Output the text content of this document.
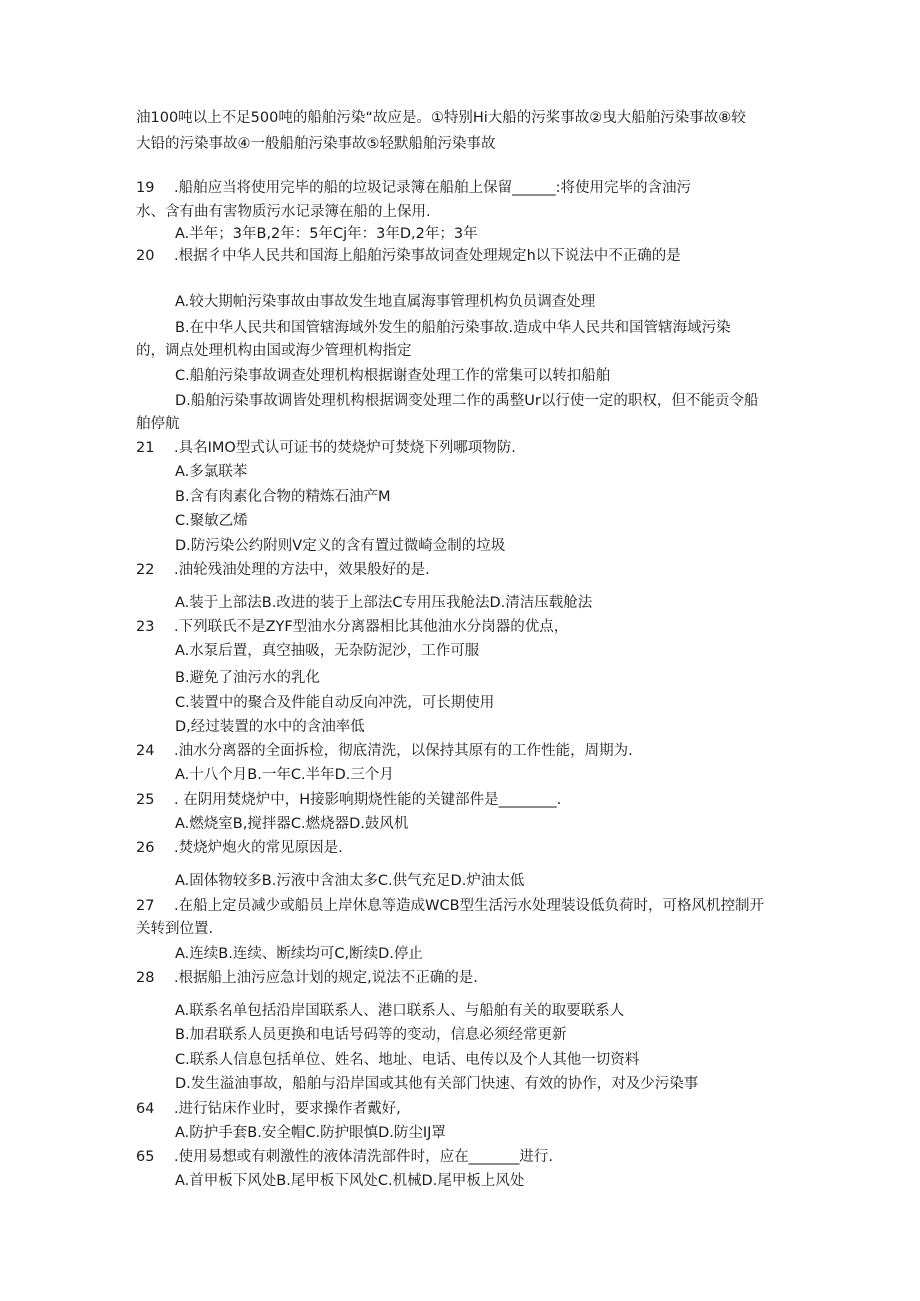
油100吨以上不足500吨的船舶污染“故应是。①特别Hi大船的污桨事故②曳大船舶污染事故⑧较
大铅的污染事故④一般船舶污染事故⑤轻默船舶污染事故
19 .船舶应当将使用完毕的船的垃圾记录簿在船舶上保留______:将使用完毕的含油污
水、含有曲有害物质污水记录簿在船的上保用.
A.半年；3年B,2年：5年Cj年：3年D,2年；3年
20 .根据彳中华人民共和国海上船舶污染事故词查处理规定h以下说法中不正确的是
A.较大期帕污染事故由事故发生地直属海事管理机构负员调查处理
B.在中华人民共和国管辖海域外发生的船舶污染事故.造成中华人民共和国管辖海域污染
的，调点处理机构由国或海少管理机构指定
C.船舶污染事故调查处理机构根据谢查处理工作的常集可以转扣船舶
D.船舶污染事故调皆处理机构根据调变处理二作的禹整Ur以行使一定的职权，但不能贡令船
舶停航
21 .具名IMO型式认可证书的焚烧炉可焚烧下列哪项物防.
A.多氯联苯
B.含有肉素化合物的精炼石油产M
C.聚敏乙烯
D.防污染公约附则V定义的含有置过微崎佥制的垃圾
22 .油轮残油处理的方法中，效果般好的是.
A.装于上部法B.改进的装于上部法C专用压我舱法D.清洁压载舱法
23 .下列联氏不是ZYF型油水分离器相比其他油水分岗器的优点，
A.水泵后置，真空抽吸，无杂防泥沙，工作可服
B.避免了油污水的乳化
C.装置中的聚合及件能自动反向冲洗，可长期使用
D,经过装置的水中的含油率低
24 .油水分离器的全面拆检，彻底清洗，以保持其原有的工作性能，周期为.
A.十八个月B.一年C.半年D.三个月
25 . 在阴用焚烧炉中，H接影响期烧性能的关键部件是________.
A.燃烧室B,搅拌器C.燃烧器D.鼓风机
26 .焚烧炉炮火的常见原因是.
A.固体物较多B.污液中含油太多C.供气充足D.炉油太低
27 .在船上定员减少或船员上岸休息等造成WCB型生活污水处理装设低负荷时，可格风机控制开
关转到位置.
A.连续B.连续、断续均可C,断续D.停止
28 .根据船上油污应急计划的规定,说法不正确的是.
A.联系名单包括沿岸国联系人、港口联系人、与船舶有关的取要联系人
B.加君联系人员更换和电话号码等的变动，信息必须经常更新
C.联系人信息包括单位、姓名、地址、电话、电传以及个人其他一切资料
D.发生溢油事故，船舶与沿岸国或其他有关部门快速、有效的协作，对及少污染事
64 .进行钻床作业时，要求操作者戴好,
A.防护手套B.安全帽C.防护眼慎D.防尘IJ罩
65 .使用易想或有刺激性的液体清洗部件时，应在_______进行.
A.首甲板下风处B.尾甲板下风处C.机械D.尾甲板上风处
